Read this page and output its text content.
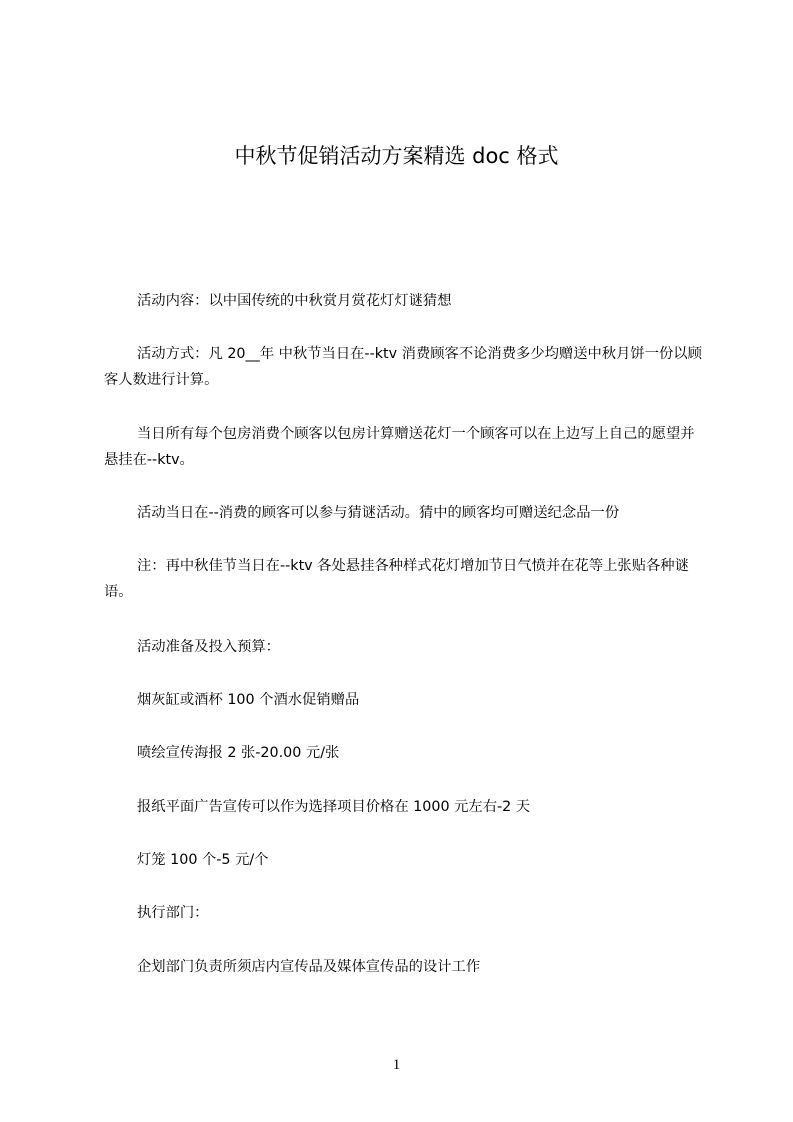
中秋节促销活动方案精选 doc 格式

活动内容：以中国传统的中秋赏月赏花灯灯谜猜想

活动方式：凡 20__年 中秋节当日在--ktv 消费顾客不论消费多少均赠送中秋月饼一份以顾客人数进行计算。

当日所有每个包房消费个顾客以包房计算赠送花灯一个顾客可以在上边写上自己的愿望并悬挂在--ktv。

活动当日在--消费的顾客可以参与猜谜活动。猜中的顾客均可赠送纪念品一份

注：再中秋佳节当日在--ktv 各处悬挂各种样式花灯增加节日气愤并在花等上张贴各种谜语。

活动准备及投入预算：

烟灰缸或酒杯 100 个酒水促销赠品

喷绘宣传海报 2 张-20.00 元/张

报纸平面广告宣传可以作为选择项目价格在 1000 元左右-2 天

灯笼 100 个-5 元/个

执行部门：

企划部门负责所须店内宣传品及媒体宣传品的设计工作

1
